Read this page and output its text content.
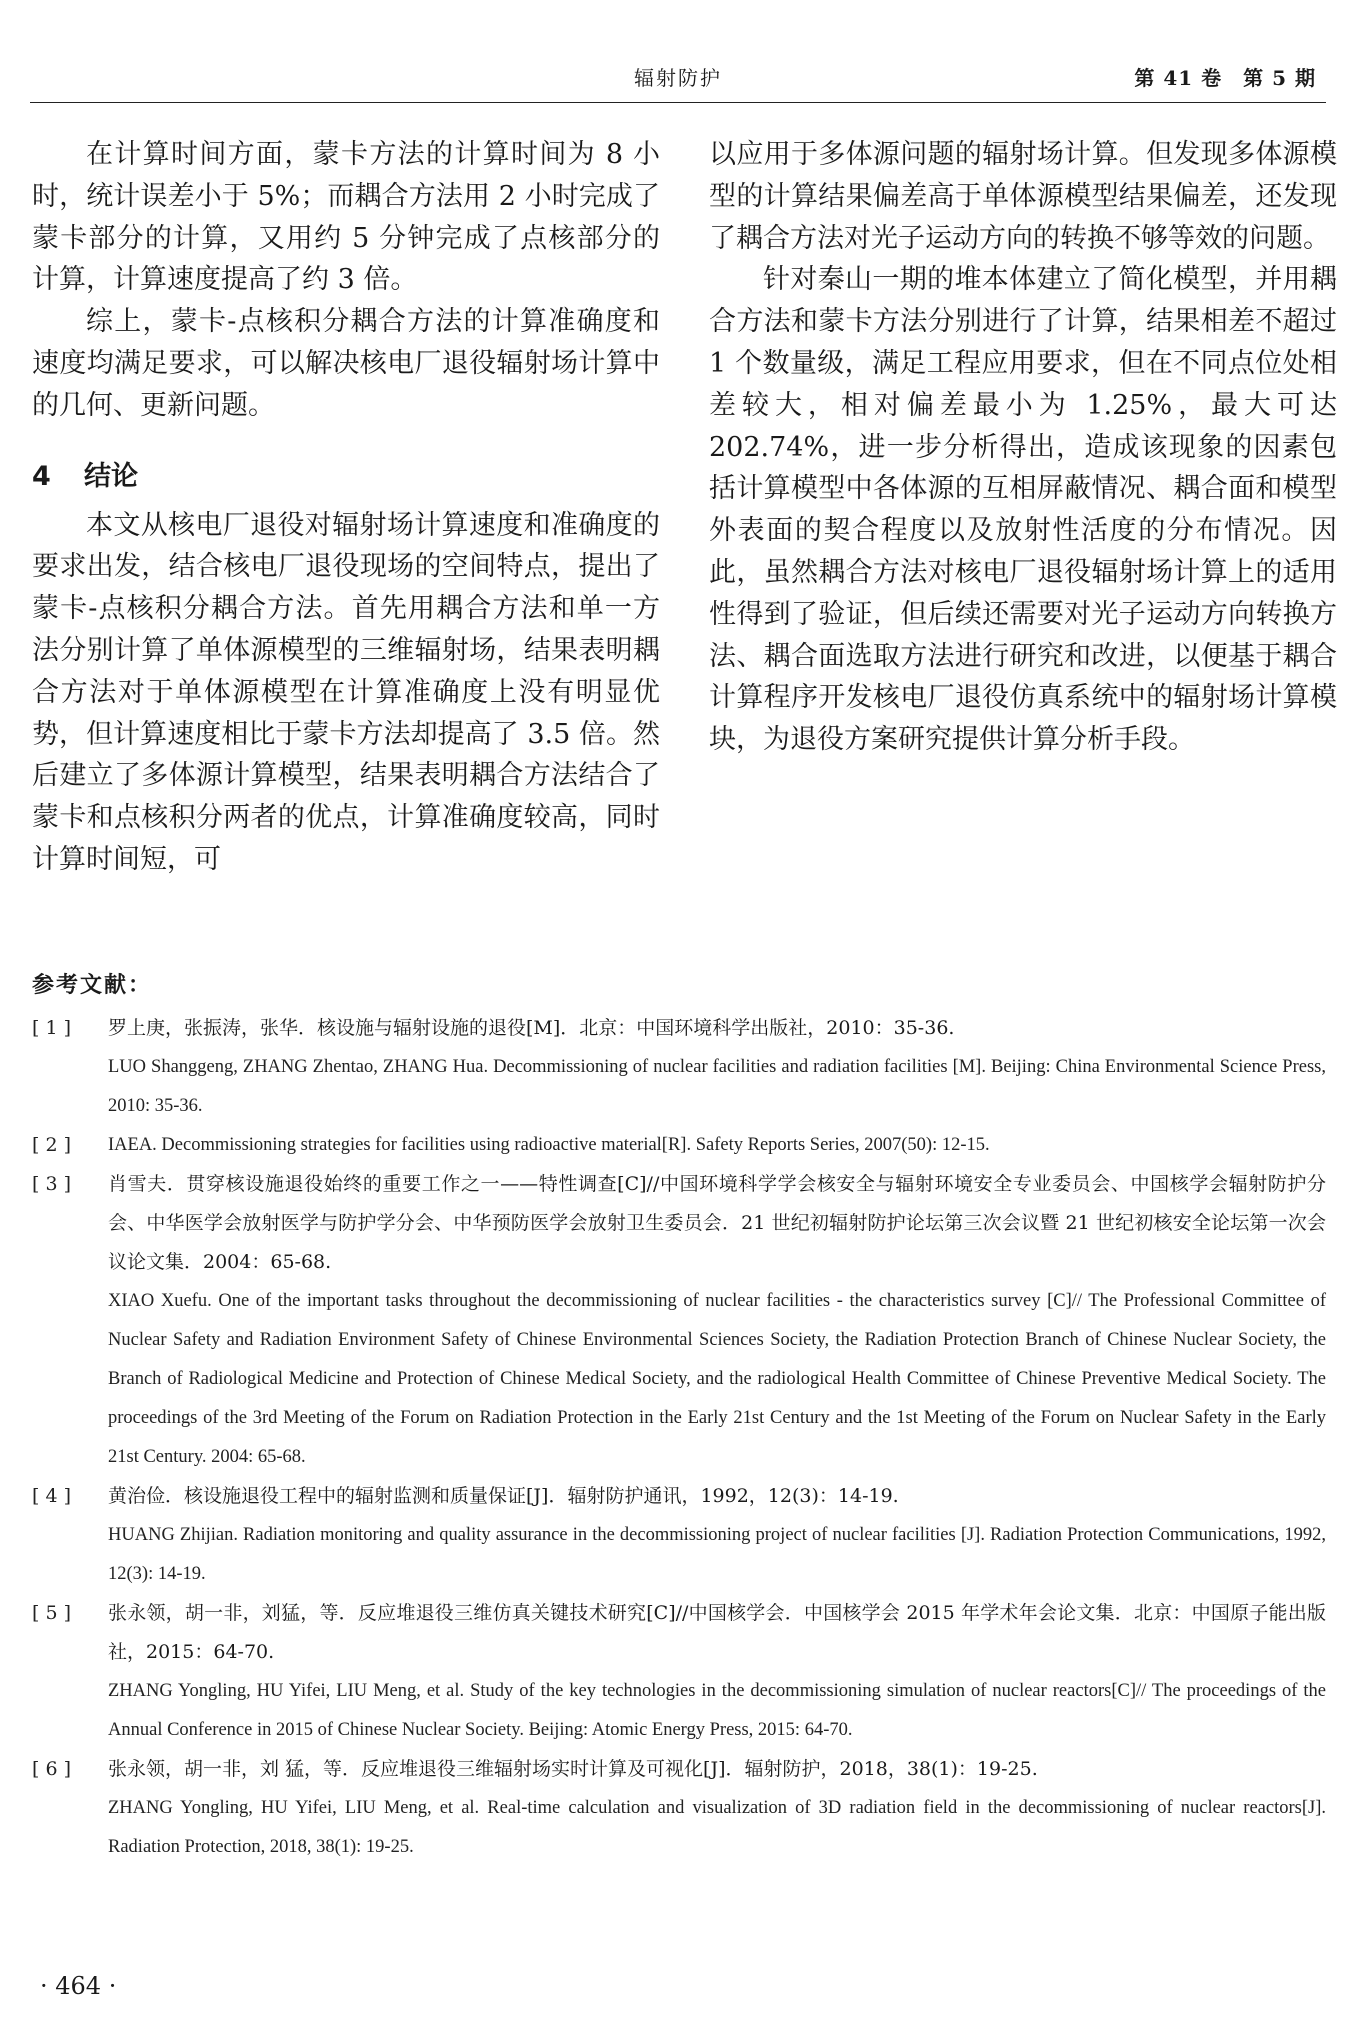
辐射防护	第 41 卷　第 5 期

在计算时间方面，蒙卡方法的计算时间为 8 小时，统计误差小于 5%；而耦合方法用 2 小时完成了蒙卡部分的计算，又用约 5 分钟完成了点核部分的计算，计算速度提高了约 3 倍。

综上，蒙卡-点核积分耦合方法的计算准确度和速度均满足要求，可以解决核电厂退役辐射场计算中的几何、更新问题。

4 结论

本文从核电厂退役对辐射场计算速度和准确度的要求出发，结合核电厂退役现场的空间特点，提出了蒙卡-点核积分耦合方法。首先用耦合方法和单一方法分别计算了单体源模型的三维辐射场，结果表明耦合方法对于单体源模型在计算准确度上没有明显优势，但计算速度相比于蒙卡方法却提高了 3.5 倍。然后建立了多体源计算模型，结果表明耦合方法结合了蒙卡和点核积分两者的优点，计算准确度较高，同时计算时间短，可

以应用于多体源问题的辐射场计算。但发现多体源模型的计算结果偏差高于单体源模型结果偏差，还发现了耦合方法对光子运动方向的转换不够等效的问题。

针对秦山一期的堆本体建立了简化模型，并用耦合方法和蒙卡方法分别进行了计算，结果相差不超过 1 个数量级，满足工程应用要求，但在不同点位处相差较大，相对偏差最小为 1.25%，最大可达 202.74%，进一步分析得出，造成该现象的因素包括计算模型中各体源的互相屏蔽情况、耦合面和模型外表面的契合程度以及放射性活度的分布情况。因此，虽然耦合方法对核电厂退役辐射场计算上的适用性得到了验证，但后续还需要对光子运动方向转换方法、耦合面选取方法进行研究和改进，以便基于耦合计算程序开发核电厂退役仿真系统中的辐射场计算模块，为退役方案研究提供计算分析手段。

参考文献：
[ 1 ]	罗上庚，张振涛，张华．核设施与辐射设施的退役[M]．北京：中国环境科学出版社，2010：35-36.

LUO Shanggeng, ZHANG Zhentao, ZHANG Hua. Decommissioning of nuclear facilities and radiation facilities [M]. Beijing: China Environmental Science Press, 2010: 35-36.

[ 2 ]	IAEA. Decommissioning strategies for facilities using radioactive material[R]. Safety Reports Series, 2007(50): 12-15.

[ 3 ]	肖雪夫．贯穿核设施退役始终的重要工作之一——特性调查[C]//中国环境科学学会核安全与辐射环境安全专业委员会、中国核学会辐射防护分会、中华医学会放射医学与防护学分会、中华预防医学会放射卫生委员会．21 世纪初辐射防护论坛第三次会议暨 21 世纪初核安全论坛第一次会议论文集．2004：65-68.

XIAO Xuefu. One of the important tasks throughout the decommissioning of nuclear facilities - the characteristics survey [C]// The Professional Committee of Nuclear Safety and Radiation Environment Safety of Chinese Environmental Sciences Society, the Radiation Protection Branch of Chinese Nuclear Society, the Branch of Radiological Medicine and Protection of Chinese Medical Society, and the radiological Health Committee of Chinese Preventive Medical Society. The proceedings of the 3rd Meeting of the Forum on Radiation Protection in the Early 21st Century and the 1st Meeting of the Forum on Nuclear Safety in the Early 21st Century. 2004: 65-68.

[ 4 ]	黄治俭．核设施退役工程中的辐射监测和质量保证[J]．辐射防护通讯，1992，12(3)：14-19.

HUANG Zhijian. Radiation monitoring and quality assurance in the decommissioning project of nuclear facilities [J]. Radiation Protection Communications, 1992, 12(3): 14-19.

[ 5 ]	张永领，胡一非，刘猛，等．反应堆退役三维仿真关键技术研究[C]//中国核学会．中国核学会 2015 年学术年会论文集．北京：中国原子能出版社，2015：64-70.

ZHANG Yongling, HU Yifei, LIU Meng, et al. Study of the key technologies in the decommissioning simulation of nuclear reactors[C]// The proceedings of the Annual Conference in 2015 of Chinese Nuclear Society. Beijing: Atomic Energy Press, 2015: 64-70.

[ 6 ]	张永领，胡一非，刘 猛，等．反应堆退役三维辐射场实时计算及可视化[J]．辐射防护，2018，38(1)：19-25.

ZHANG Yongling, HU Yifei, LIU Meng, et al. Real-time calculation and visualization of 3D radiation field in the decommissioning of nuclear reactors[J]. Radiation Protection, 2018, 38(1): 19-25.

· 464 ·
